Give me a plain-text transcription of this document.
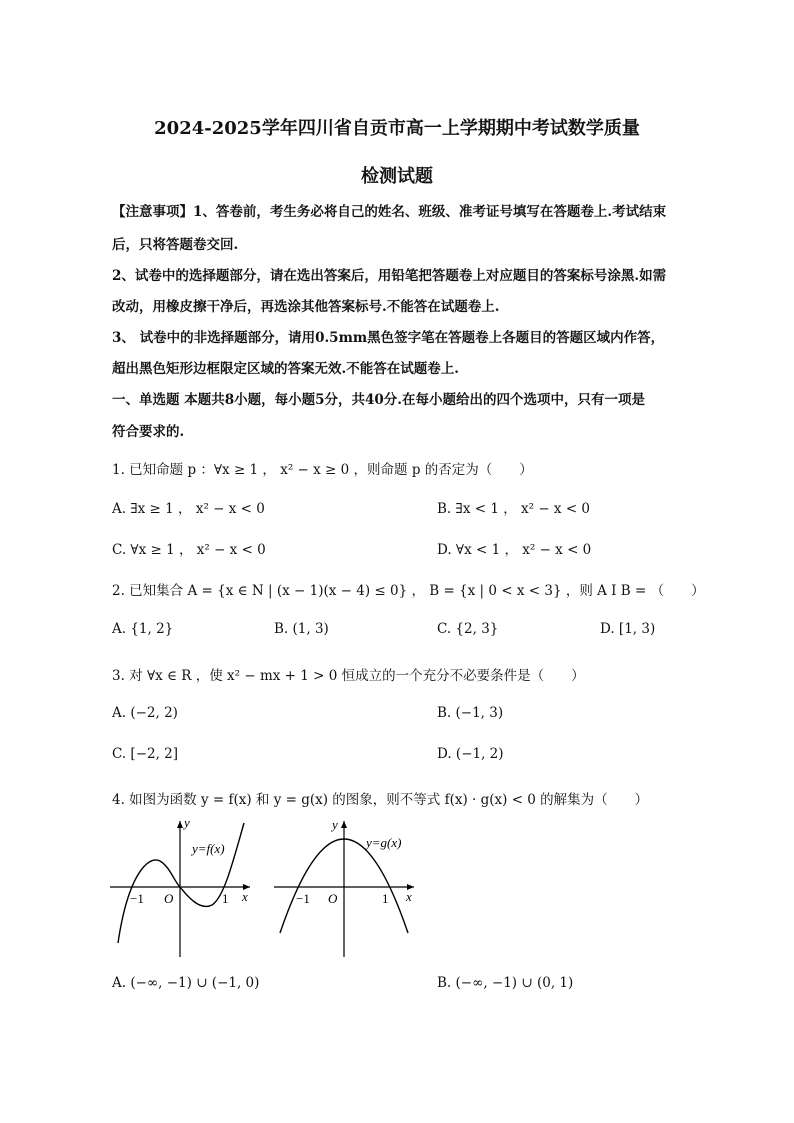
2024-2025学年四川省自贡市高一上学期期中考试数学质量
检测试题
【注意事项】1、答卷前，考生务必将自己的姓名、班级、准考证号填写在答题卷上.考试结束
后，只将答题卷交回.
2、试卷中的选择题部分，请在选出答案后，用铅笔把答题卷上对应题目的答案标号涂黑.如需
改动，用橡皮擦干净后，再选涂其他答案标号.不能答在试题卷上.
3、 试卷中的非选择题部分，请用0.5mm黑色签字笔在答题卷上各题目的答题区域内作答，
超出黑色矩形边框限定区域的答案无效.不能答在试题卷上.
一、单选题 本题共8小题，每小题5分，共40分.在每小题给出的四个选项中，只有一项是
符合要求的.
1. 已知命题 p ：∀x ≥ 1 ， x² − x ≥ 0 ，则命题 p 的否定为（　　）
A. ∃x ≥ 1 ， x² − x < 0	B. ∃x < 1 ， x² − x < 0
C. ∀x ≥ 1 ， x² − x < 0	D. ∀x < 1 ， x² − x < 0
2. 已知集合 A = {x ∈ N | (x − 1)(x − 4) ≤ 0} ， B = {x | 0 < x < 3} ，则 A I B = （　　）
A. {1, 2}	B. (1, 3)	C. {2, 3}	D. [1, 3)
3. 对 ∀x ∈ R ，使 x² − mx + 1 > 0 恒成立的一个充分不必要条件是（　　）
A. (−2, 2)	B. (−1, 3)
C. [−2, 2]	D. (−1, 2)
4. 如图为函数 y = f(x) 和 y = g(x) 的图象，则不等式 f(x) · g(x) < 0 的解集为（　　）
y
y=f(x)
x
−1 O	1
y
y=g(x)
x
−1 O	1
A. (−∞, −1) ∪ (−1, 0)	B. (−∞, −1) ∪ (0, 1)
